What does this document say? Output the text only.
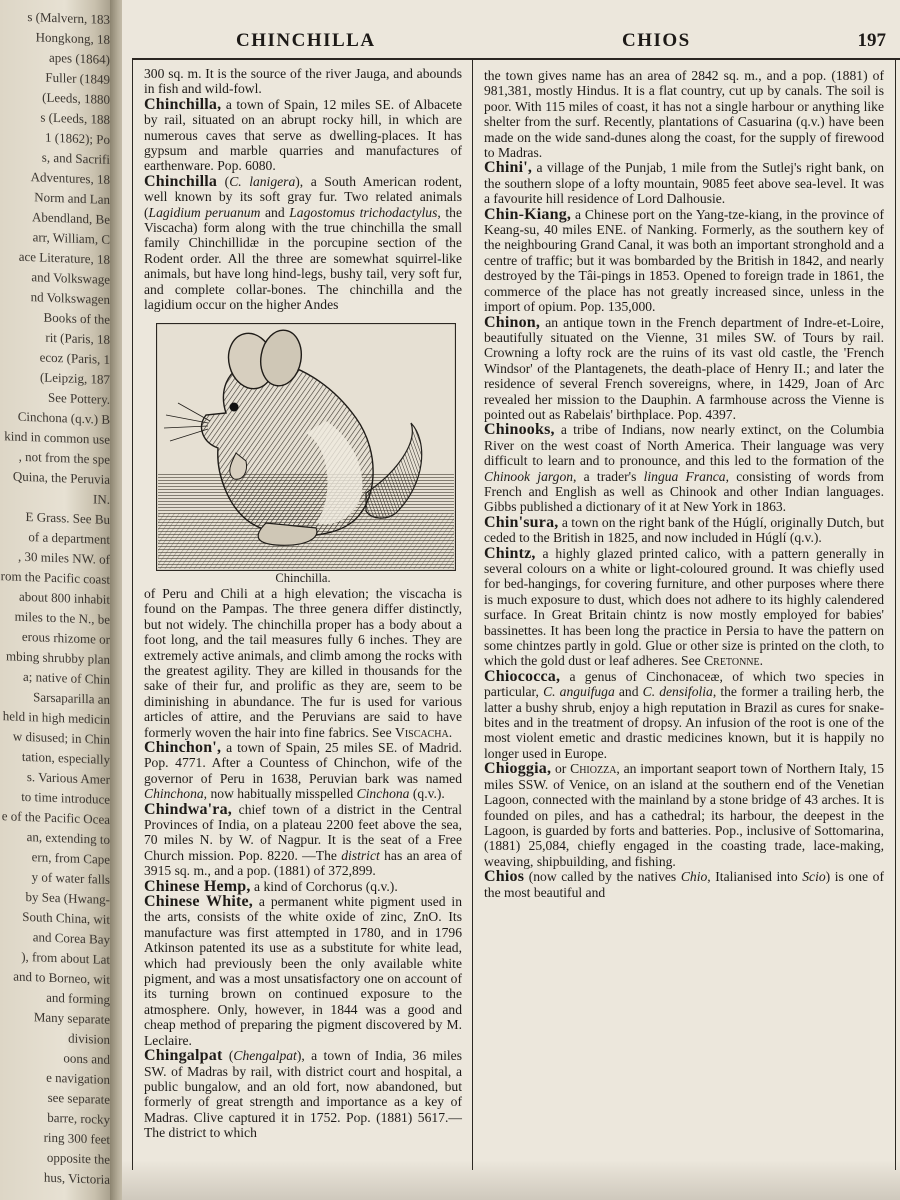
s (Malvern, 183
Hongkong, 18
apes (1864)
Fuller (1849
(Leeds, 1880
s (Leeds, 188
1 (1862); Po
s, and Sacrifi
Adventures, 18
Norm and Lan
Abendland, Be
arr, William, C
ace Literature, 18
and Volkswage
nd Volkswagen
Books of the
rit (Paris, 18
ecoz (Paris, 1
(Leipzig, 187
See Pottery.
Cinchona (q.v.) B
kind in common use
, not from the spe
Quina, the Peruvia
IN.
E Grass. See Bu
of a department
, 30 miles NW. of
rom the Pacific coast
about 800 inhabit
miles to the N., be
erous rhizome or
mbing shrubby plan
a; native of Chin
Sarsaparilla an
held in high medicin
w disused; in Chin
tation, especially
s. Various Amer
to time introduce
e of the Pacific Ocea
an, extending to
ern, from Cape
y of water falls
by Sea (Hwang-
South China, wit
and Corea Bay
), from about Lat
and to Borneo, wit
and forming
Many separate
division
oons and
e navigation
see separate
barre, rocky
ring 300 feet
opposite the
hus, Victoria
CHINCHILLA	CHIOS	197

300 sq. m. It is the source of the river Jauga, and abounds in fish and wild-fowl.

Chinchilla, a town of Spain, 12 miles SE. of Albacete by rail, situated on an abrupt rocky hill, in which are numerous caves that serve as dwelling-places. It has gypsum and marble quarries and manufactures of earthenware. Pop. 6080.

Chinchilla (C. lanigera), a South American rodent, well known by its soft gray fur. Two related animals (Lagidium peruanum and Lagostomus trichodactylus, the Viscacha) form along with the true chinchilla the small family Chinchillidæ in the porcupine section of the Rodent order. All the three are somewhat squirrel-like animals, but have long hind-legs, bushy tail, very soft fur, and complete collar-bones. The chinchilla and the lagidium occur on the higher Andes

Chinchilla.

of Peru and Chili at a high elevation; the viscacha is found on the Pampas. The three genera differ distinctly, but not widely. The chinchilla proper has a body about a foot long, and the tail measures fully 6 inches. They are extremely active animals, and climb among the rocks with the greatest agility. They are killed in thousands for the sake of their fur, and prolific as they are, seem to be diminishing in abundance. The fur is used for various articles of attire, and the Peruvians are said to have formerly woven the hair into fine fabrics. See Viscacha.

Chinchon', a town of Spain, 25 miles SE. of Madrid. Pop. 4771. After a Countess of Chinchon, wife of the governor of Peru in 1638, Peruvian bark was named Chinchona, now habitually misspelled Cinchona (q.v.).

Chindwa'ra, chief town of a district in the Central Provinces of India, on a plateau 2200 feet above the sea, 70 miles N. by W. of Nagpur. It is the seat of a Free Church mission. Pop. 8220. —The district has an area of 3915 sq. m., and a pop. (1881) of 372,899.

Chinese Hemp, a kind of Corchorus (q.v.).

Chinese White, a permanent white pigment used in the arts, consists of the white oxide of zinc, ZnO. Its manufacture was first attempted in 1780, and in 1796 Atkinson patented its use as a substitute for white lead, which had previously been the only available white pigment, and was a most unsatisfactory one on account of its turning brown on continued exposure to the atmosphere. Only, however, in 1844 was a good and cheap method of preparing the pigment discovered by M. Leclaire.

Chingalpat (Chengalpat), a town of India, 36 miles SW. of Madras by rail, with district court and hospital, a public bungalow, and an old fort, now abandoned, but formerly of great strength and importance as a key of Madras. Clive captured it in 1752. Pop. (1881) 5617.—The district to which

the town gives name has an area of 2842 sq. m., and a pop. (1881) of 981,381, mostly Hindus. It is a flat country, cut up by canals. The soil is poor. With 115 miles of coast, it has not a single harbour or anything like shelter from the surf. Recently, plantations of Casuarina (q.v.) have been made on the wide sand-dunes along the coast, for the supply of firewood to Madras.

Chini', a village of the Punjab, 1 mile from the Sutlej's right bank, on the southern slope of a lofty mountain, 9085 feet above sea-level. It was a favourite hill residence of Lord Dalhousie.

Chin-Kiang, a Chinese port on the Yang-tze-kiang, in the province of Keang-su, 40 miles ENE. of Nanking. Formerly, as the southern key of the neighbouring Grand Canal, it was both an important stronghold and a centre of traffic; but it was bombarded by the British in 1842, and nearly destroyed by the Tâi-pings in 1853. Opened to foreign trade in 1861, the commerce of the place has not greatly increased since, unless in the import of opium. Pop. 135,000.

Chinon, an antique town in the French department of Indre-et-Loire, beautifully situated on the Vienne, 31 miles SW. of Tours by rail. Crowning a lofty rock are the ruins of its vast old castle, the 'French Windsor' of the Plantagenets, the death-place of Henry II.; and later the residence of several French sovereigns, where, in 1429, Joan of Arc revealed her mission to the Dauphin. A farmhouse across the Vienne is pointed out as Rabelais' birthplace. Pop. 4397.

Chinooks, a tribe of Indians, now nearly extinct, on the Columbia River on the west coast of North America. Their language was very difficult to learn and to pronounce, and this led to the formation of the Chinook jargon, a trader's lingua Franca, consisting of words from French and English as well as Chinook and other Indian languages. Gibbs published a dictionary of it at New York in 1863.

Chin'sura, a town on the right bank of the Húglí, originally Dutch, but ceded to the British in 1825, and now included in Húglí (q.v.).

Chintz, a highly glazed printed calico, with a pattern generally in several colours on a white or light-coloured ground. It was chiefly used for bed-hangings, for covering furniture, and other purposes where there is much exposure to dust, which does not adhere to its highly calendered surface. In Great Britain chintz is now mostly employed for babies' bassinettes. It has been long the practice in Persia to have the pattern on some chintzes partly in gold. Glue or other size is printed on the cloth, to which the gold dust or leaf adheres. See Cretonne.

Chiococca, a genus of Cinchonaceæ, of which two species in particular, C. anguifuga and C. densifolia, the former a trailing herb, the latter a bushy shrub, enjoy a high reputation in Brazil as cures for snake-bites and in the treatment of dropsy. An infusion of the root is one of the most violent emetic and drastic medicines known, but it is happily no longer used in Europe.

Chioggia, or Chiozza, an important seaport town of Northern Italy, 15 miles SSW. of Venice, on an island at the southern end of the Venetian Lagoon, connected with the mainland by a stone bridge of 43 arches. It is founded on piles, and has a cathedral; its harbour, the deepest in the Lagoon, is guarded by forts and batteries. Pop., inclusive of Sottomarina, (1881) 25,084, chiefly engaged in the coasting trade, lace-making, weaving, shipbuilding, and fishing.

Chios (now called by the natives Chio, Italianised into Scio) is one of the most beautiful and
